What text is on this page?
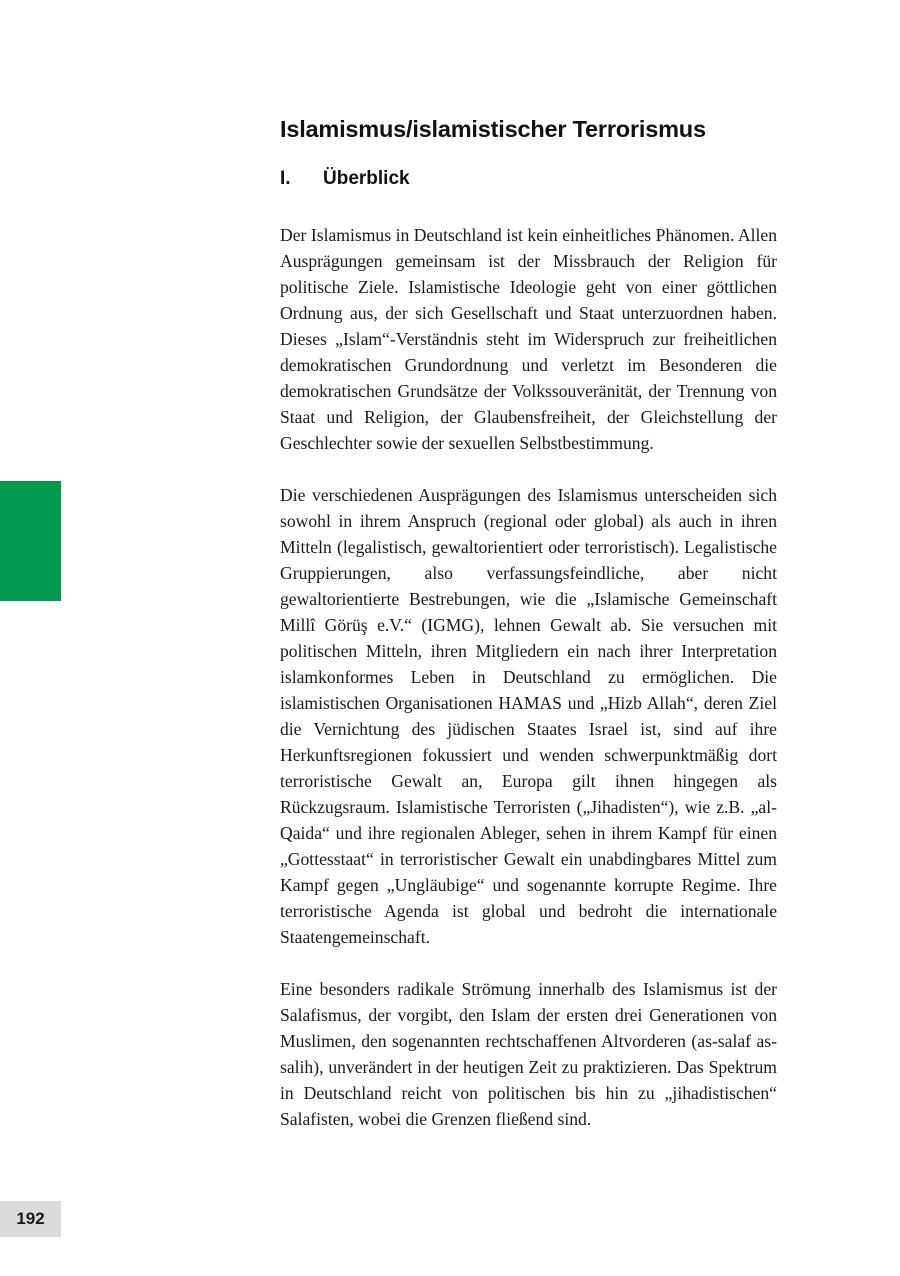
Islamismus/islamistischer Terrorismus
I.	Überblick

Der Islamismus in Deutschland ist kein einheitliches Phänomen. Allen Ausprägungen gemeinsam ist der Missbrauch der Religion für politische Ziele. Islamistische Ideologie geht von einer göttlichen Ordnung aus, der sich Gesellschaft und Staat unterzuordnen haben. Dieses „Islam“-Verständnis steht im Widerspruch zur freiheitlichen demokratischen Grundordnung und verletzt im Besonderen die demokratischen Grundsätze der Volkssouveränität, der Trennung von Staat und Religion, der Glaubensfreiheit, der Gleichstellung der Geschlechter sowie der sexuellen Selbstbestimmung.

Die verschiedenen Ausprägungen des Islamismus unterscheiden sich sowohl in ihrem Anspruch (regional oder global) als auch in ihren Mitteln (legalistisch, gewaltorientiert oder terroristisch). Legalistische Gruppierungen, also verfassungsfeindliche, aber nicht gewaltorientierte Bestrebungen, wie die „Islamische Gemeinschaft Millî Görüş e.V.“ (IGMG), lehnen Gewalt ab. Sie versuchen mit politischen Mitteln, ihren Mitgliedern ein nach ihrer Interpretation islamkonformes Leben in Deutschland zu ermöglichen. Die islamistischen Organisationen HAMAS und „Hizb Allah“, deren Ziel die Vernichtung des jüdischen Staates Israel ist, sind auf ihre Herkunftsregionen fokussiert und wenden schwerpunktmäßig dort terroristische Gewalt an, Europa gilt ihnen hingegen als Rückzugsraum. Islamistische Terroristen („Jihadisten“), wie z.B. „al-Qaida“ und ihre regionalen Ableger, sehen in ihrem Kampf für einen „Gottesstaat“ in terroristischer Gewalt ein unabdingbares Mittel zum Kampf gegen „Ungläubige“ und sogenannte korrupte Regime. Ihre terroristische Agenda ist global und bedroht die internationale Staatengemeinschaft.

Eine besonders radikale Strömung innerhalb des Islamismus ist der Salafismus, der vorgibt, den Islam der ersten drei Generationen von Muslimen, den sogenannten rechtschaffenen Altvorderen (as-salaf as-salih), unverändert in der heutigen Zeit zu praktizieren. Das Spektrum in Deutschland reicht von politischen bis hin zu „jihadistischen“ Salafisten, wobei die Grenzen fließend sind.

192
